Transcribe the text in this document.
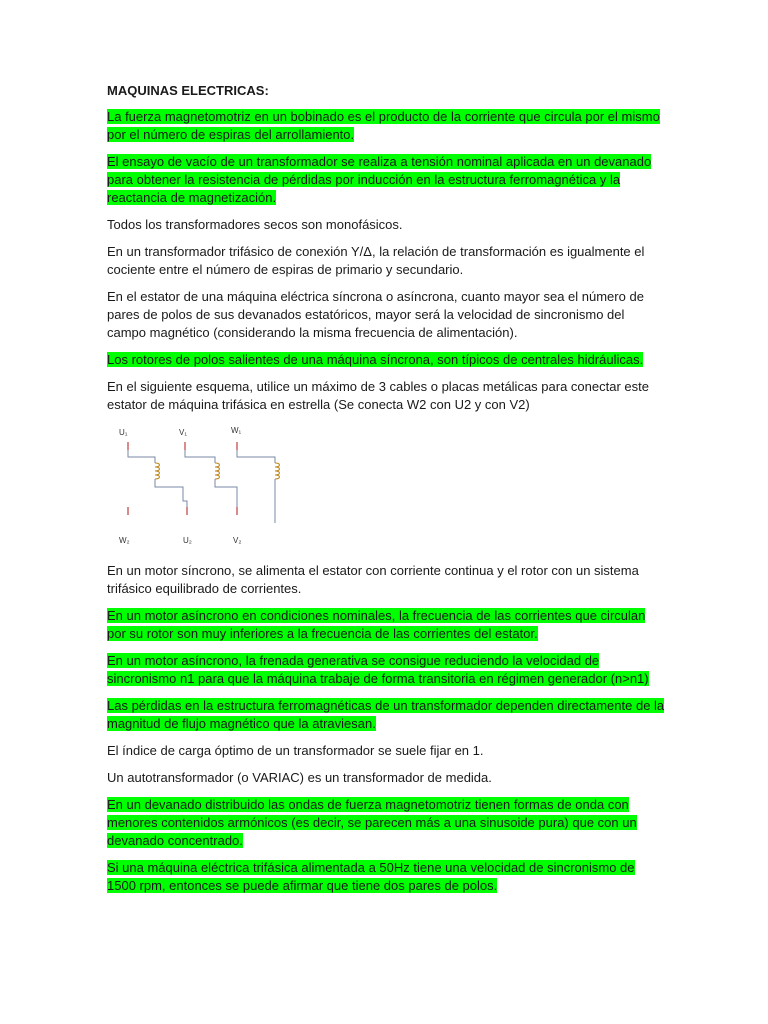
MAQUINAS ELECTRICAS:

La fuerza magnetomotriz en un bobinado es el producto de la corriente que circula por el mismo por el número de espiras del arrollamiento.

El ensayo de vacío de un transformador se realiza a tensión nominal aplicada en un devanado para obtener la resistencia de pérdidas por inducción en la estructura ferromagnética y la reactancia de magnetización.

Todos los transformadores secos son monofásicos.

En un transformador trifásico de conexión Y/Δ, la relación de transformación es igualmente el cociente entre el número de espiras de primario y secundario.

En el estator de una máquina eléctrica síncrona o asíncrona, cuanto mayor sea el número de pares de polos de sus devanados estatóricos, mayor será la velocidad de sincronismo del campo magnético (considerando la misma frecuencia de alimentación).

Los rotores de polos salientes de una máquina síncrona, son típicos de centrales hidráulicas.

En el siguiente esquema, utilice un máximo de 3 cables o placas metálicas para conectar este estator de máquina trifásica en estrella (Se conecta W2 con U2 y con V2)

U₁	V₁	W₁
W₂	U₂	V₂

En un motor síncrono, se alimenta el estator con corriente continua y el rotor con un sistema trifásico equilibrado de corrientes.

En un motor asíncrono en condiciones nominales, la frecuencia de las corrientes que circulan por su rotor son muy inferiores a la frecuencia de las corrientes del estator.

En un motor asíncrono, la frenada generativa se consigue reduciendo la velocidad de sincronismo n1 para que la máquina trabaje de forma transitoria en régimen generador (n>n1)

Las pérdidas en la estructura ferromagnéticas de un transformador dependen directamente de la magnitud de flujo magnético que la atraviesan.

El índice de carga óptimo de un transformador se suele fijar en 1.

Un autotransformador (o VARIAC) es un transformador de medida.

En un devanado distribuido las ondas de fuerza magnetomotriz tienen formas de onda con menores contenidos armónicos (es decir, se parecen más a una sinusoide pura) que con un devanado concentrado.

Si una máquina eléctrica trifásica alimentada a 50Hz tiene una velocidad de sincronismo de 1500 rpm, entonces se puede afirmar que tiene dos pares de polos.
